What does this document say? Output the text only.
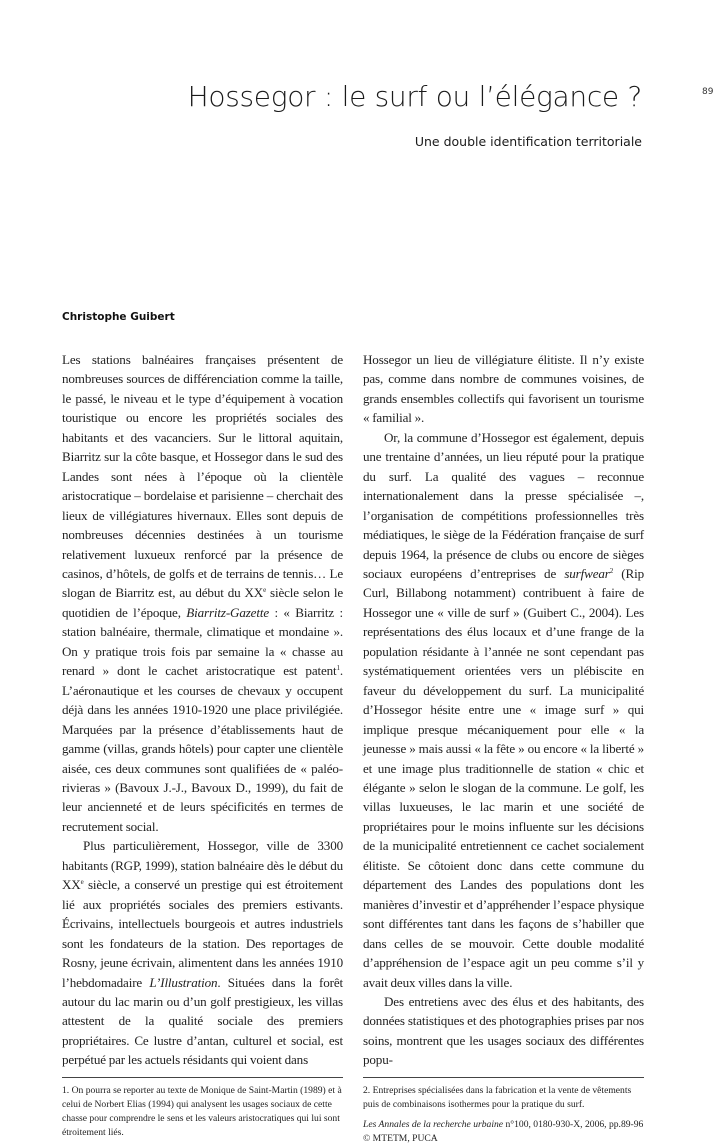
89
Hossegor : le surf ou l’élégance ?
Une double identification territoriale
Christophe Guibert

Les stations balnéaires françaises présentent de nombreuses sources de différenciation comme la taille, le passé, le niveau et le type d’équipement à vocation touristique ou encore les propriétés sociales des habitants et des vacanciers. Sur le littoral aquitain, Biarritz sur la côte basque, et Hossegor dans le sud des Landes sont nées à l’époque où la clientèle aristocratique – bordelaise et parisienne – cherchait des lieux de villégiatures hivernaux. Elles sont depuis de nombreuses décennies destinées à un tourisme relativement luxueux renforcé par la présence de casinos, d’hôtels, de golfs et de terrains de tennis… Le slogan de Biarritz est, au début du XXe siècle selon le quotidien de l’époque, Biarritz-Gazette : « Biarritz : station balnéaire, thermale, climatique et mondaine ». On y pratique trois fois par semaine la « chasse au renard » dont le cachet aristocratique est patent$^1$. L’aéronautique et les courses de chevaux y occupent déjà dans les années 1910-1920 une place privilégiée. Marquées par la présence d’établissements haut de gamme (villas, grands hôtels) pour capter une clientèle aisée, ces deux communes sont qualifiées de « paléo-rivieras » (Bavoux J.-J., Bavoux D., 1999), du fait de leur ancienneté et de leurs spécificités en termes de recrutement social.

Plus particulièrement, Hossegor, ville de 3300 habitants (RGP, 1999), station balnéaire dès le début du XXe siècle, a conservé un prestige qui est étroitement lié aux propriétés sociales des premiers estivants. Écrivains, intellectuels bourgeois et autres industriels sont les fondateurs de la station. Des reportages de Rosny, jeune écrivain, alimentent dans les années 1910 l’hebdomadaire L’Illustration. Situées dans la forêt autour du lac marin ou d’un golf prestigieux, les villas attestent de la qualité sociale des premiers propriétaires. Ce lustre d’antan, culturel et social, est perpétué par les actuels résidants qui voient dans

1. On pourra se reporter au texte de Monique de Saint-Martin (1989) et à celui de Norbert Elias (1994) qui analysent les usages sociaux de cette chasse pour comprendre le sens et les valeurs aristocratiques qui lui sont étroitement liés.

Hossegor un lieu de villégiature élitiste. Il n’y existe pas, comme dans nombre de communes voisines, de grands ensembles collectifs qui favorisent un tourisme « familial ».

Or, la commune d’Hossegor est également, depuis une trentaine d’années, un lieu réputé pour la pratique du surf. La qualité des vagues – reconnue internationalement dans la presse spécialisée –, l’organisation de compétitions professionnelles très médiatiques, le siège de la Fédération française de surf depuis 1964, la présence de clubs ou encore de sièges sociaux européens d’entreprises de surfwear$^2$ (Rip Curl, Billabong notamment) contribuent à faire de Hossegor une « ville de surf » (Guibert C., 2004). Les représentations des élus locaux et d’une frange de la population résidante à l’année ne sont cependant pas systématiquement orientées vers un plébiscite en faveur du développement du surf. La municipalité d’Hossegor hésite entre une « image surf » qui implique presque mécaniquement pour elle « la jeunesse » mais aussi « la fête » ou encore « la liberté » et une image plus traditionnelle de station « chic et élégante » selon le slogan de la commune. Le golf, les villas luxueuses, le lac marin et une société de propriétaires pour le moins influente sur les décisions de la municipalité entretiennent ce cachet socialement élitiste. Se côtoient donc dans cette commune du département des Landes des populations dont les manières d’investir et d’appréhender l’espace physique sont différentes tant dans les façons de s’habiller que dans celles de se mouvoir. Cette double modalité d’appréhension de l’espace agit un peu comme s’il y avait deux villes dans la ville.

Des entretiens avec des élus et des habitants, des données statistiques et des photographies prises par nos soins, montrent que les usages sociaux des différentes popu-

2. Entreprises spécialisées dans la fabrication et la vente de vêtements puis de combinaisons isothermes pour la pratique du surf.

Les Annales de la recherche urbaine n°100, 0180-930-X, 2006, pp.89-96
© MTETM, PUCA
